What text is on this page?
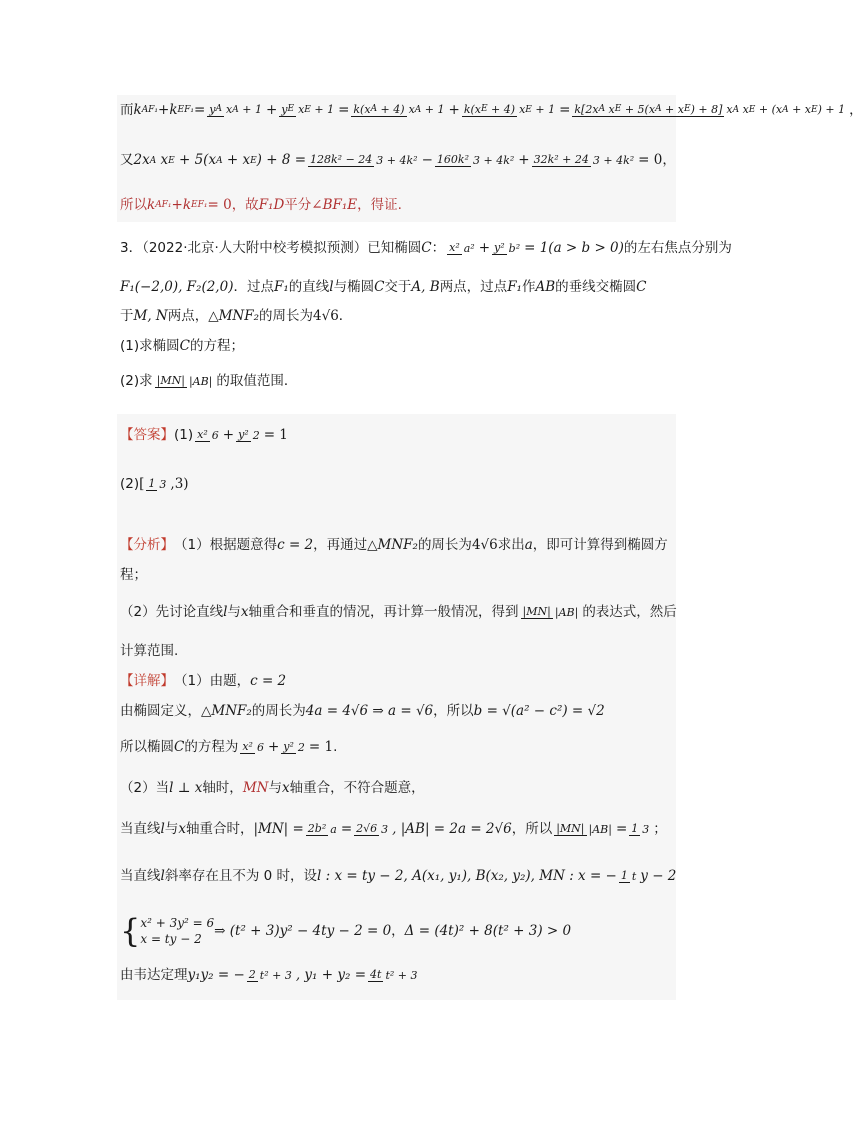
而kAF₁+kEF₁=yA xA + 1+yE xE + 1=k(xA + 4) xA + 1+k(xE + 4) xE + 1=k[2xA xE + 5(xA + xE) + 8] xA xE + (xA + xE) + 1 ，
又2xA xE + 5(xA + xE) + 8 =128k² − 24 3 + 4k²−160k² 3 + 4k²+32k² + 24 3 + 4k²= 0，
所以kAF₁+kEF₁= 0，故F₁D平分∠BF₁E，得证.
3．（2022·北京·人大附中校考模拟预测）已知椭圆C： x² a²+y² b²= 1(a > b > 0)的左右焦点分别为
F₁(−2,0), F₂(2,0)．过点F₁的直线l与椭圆C交于A, B两点，过点F₁作AB的垂线交椭圆C
于M, N两点，△MNF₂的周长为4√6．
(1)求椭圆C的方程；
(2)求|MN| |AB|的取值范围．
【答案】(1) x² 6+y² 2= 1
(2)[ 1 3 ,3)
【分析】（1）根据题意得c = 2，再通过△MNF₂的周长为4√6求出a，即可计算得到椭圆方
程；
（2）先讨论直线l与x轴重合和垂直的情况，再计算一般情况，得到|MN| |AB|的表达式，然后
计算范围.
【详解】（1）由题，c = 2
由椭圆定义，△MNF₂的周长为4a = 4√6 ⇒ a = √6，所以b = √(a² − c²) = √2
所以椭圆C的方程为x² 6+y² 2= 1.
（2）当l ⊥ x轴时，MN与x轴重合，不符合题意，
当直线l与x轴重合时，|MN| =2b² a=2√6 3 , |AB| = 2a = 2√6，所以|MN| |AB|=1 3 ；
当直线l斜率存在且不为 0 时，设l : x = ty − 2, A(x₁, y₁), B(x₂, y₂), MN : x = − 1 t y − 2
{ x² + 3y² = 6
x = ty − 2 ⇒ (t² + 3)y² − 4ty − 2 = 0，Δ = (4t)² + 8(t² + 3) > 0
由韦达定理y₁y₂ = − 2 t² + 3 , y₁ + y₂ =4t t² + 3
